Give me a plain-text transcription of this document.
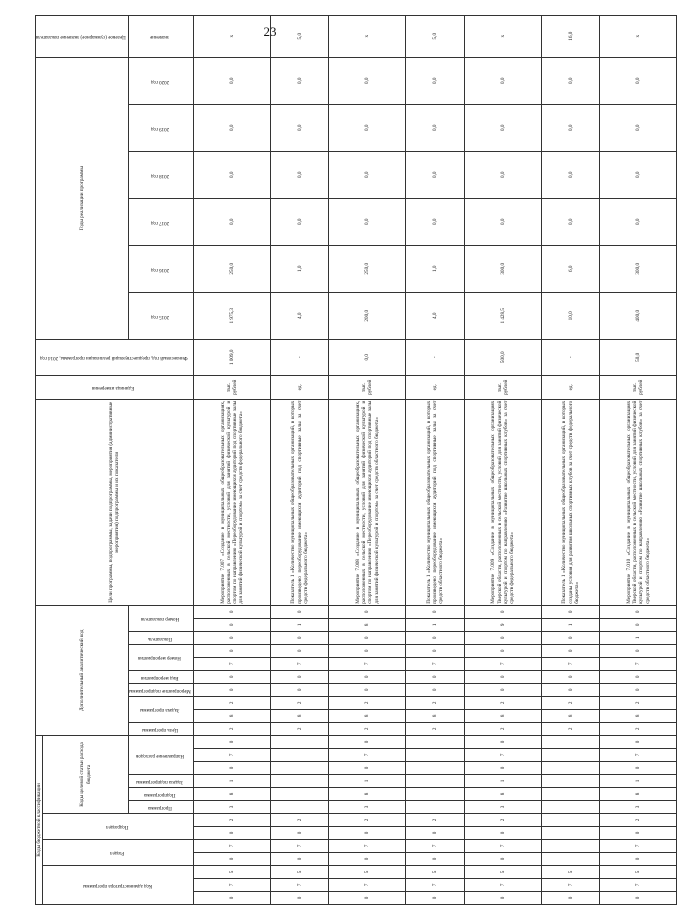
23
Коды бюджетной классификации													Дополнительный аналитический код										Цели программы, подпрограммы, задачи подпрограммы, мероприятия (административные мероприятия) подпрограммы и их показатели	Единица измерения	Финансовый год, предшествующий реализации программы, 2014 год	Годы реализации программы						Целевое (суммарное) значение показателя
Код администратора программы			Раздел		Подраздел		Коды целевой статьи расхода бюджета																									
							Программа	Подпрограмма	Задача подпрограммы	Направление расходов			Цель программы	Задача программы		Мероприятие подпрограммы	Вид мероприятия	Номер мероприятия		Показатель	Номер показателя					2015 год	2016 год	2017 год	2018 год	2019 год	2020 год	значение
0	7	5	0	7	0	2	3	8	1	0	7	0	2	8	2	0	0	7	0	0	0	0	Мероприятие 7.007 «Создание в муниципальных общеобразовательных организациях, расположенных в сельской местности, условий для занятий физической культурой и спортом по направлению «Переоборудование имеющихся аудиторий под спортивные залы для занятий физической культурой и спортом» за счет средств федерального бюджета»	тыс. рублей	1 009,0	1 975,3	250,0	0,0	0,0	0,0	0,0	х
0	7	5	0	7	0	2							2	8	2	0	0	7	0	0	1	0	Показатель 1 «Количество муниципальных общеобразовательных организаций, в которых произведено переоборудование имеющихся аудиторий под спортивные залы за счет средств федерального бюджета»	ед.	-	4,0	1,0	0,0	0,0	0,0	0,0	5,0
0	7	5	0	7	0	2	3	8	1	0	7	0	2	8	2	0	0	7	0	0	8	0	Мероприятие 7.008 «Создание в муниципальных общеобразовательных организациях, расположенных в сельской местности, условий для занятий физической культурой и спортом по направлению «Переоборудование имеющихся аудиторий под спортивные залы для занятий физической культурой и спортом» за счет средств областного бюджета»	тыс. рублей	0,0	200,0	250,0	0,0	0,0	0,0	0,0	х
0	7	5	0	7	0	2							2	8	2	0	0	7	0	0	1	0	Показатель 1 «Количество муниципальных общеобразовательных организаций, в которых произведено переоборудование имеющихся аудиторий под спортивные залы за счет средств областного бюджета»	ед.	-	4,0	1,0	0,0	0,0	0,0	0,0	5,0
0	7	5	0	7	0	2	3	8	1	0	7	0	2	8	2	0	0	7	0	0	9	0	Мероприятие 7.009 «Создание в муниципальных общеобразовательных организациях Тверской области, расположенных в сельской местности, условий для занятий физической культурой и спортом по направлению «Развитие школьных спортивных клубов» за счет средств федерального бюджета»	тыс. рублей	500,0	1 428,5	300,0	0,0	0,0	0,0	0,0	х
0	7	5											2	8	2	0	0	7	0	0	1	0	Показатель 1 «Количество муниципальных общеобразовательных организаций, в которых созданы условия для развития школьных спортивных клубов за счет средств федерального бюджета»	ед.	-	10,0	6,0	0,0	0,0	0,0	0,0	16,0
0	7	5	0	7	0	2	3	8	1	0	7	0	2	8	2	0	0	7	0	1	0	0	Мероприятие 7.010 «Создание в муниципальных общеобразовательных организациях Тверской области, расположенных в сельской местности, условий для занятий физической культурой и спортом по направлению «Развитие школьных спортивных клубов» за счет средств областного бюджета»	тыс. рублей	50,0	400,0	300,0	0,0	0,0	0,0	0,0	х
